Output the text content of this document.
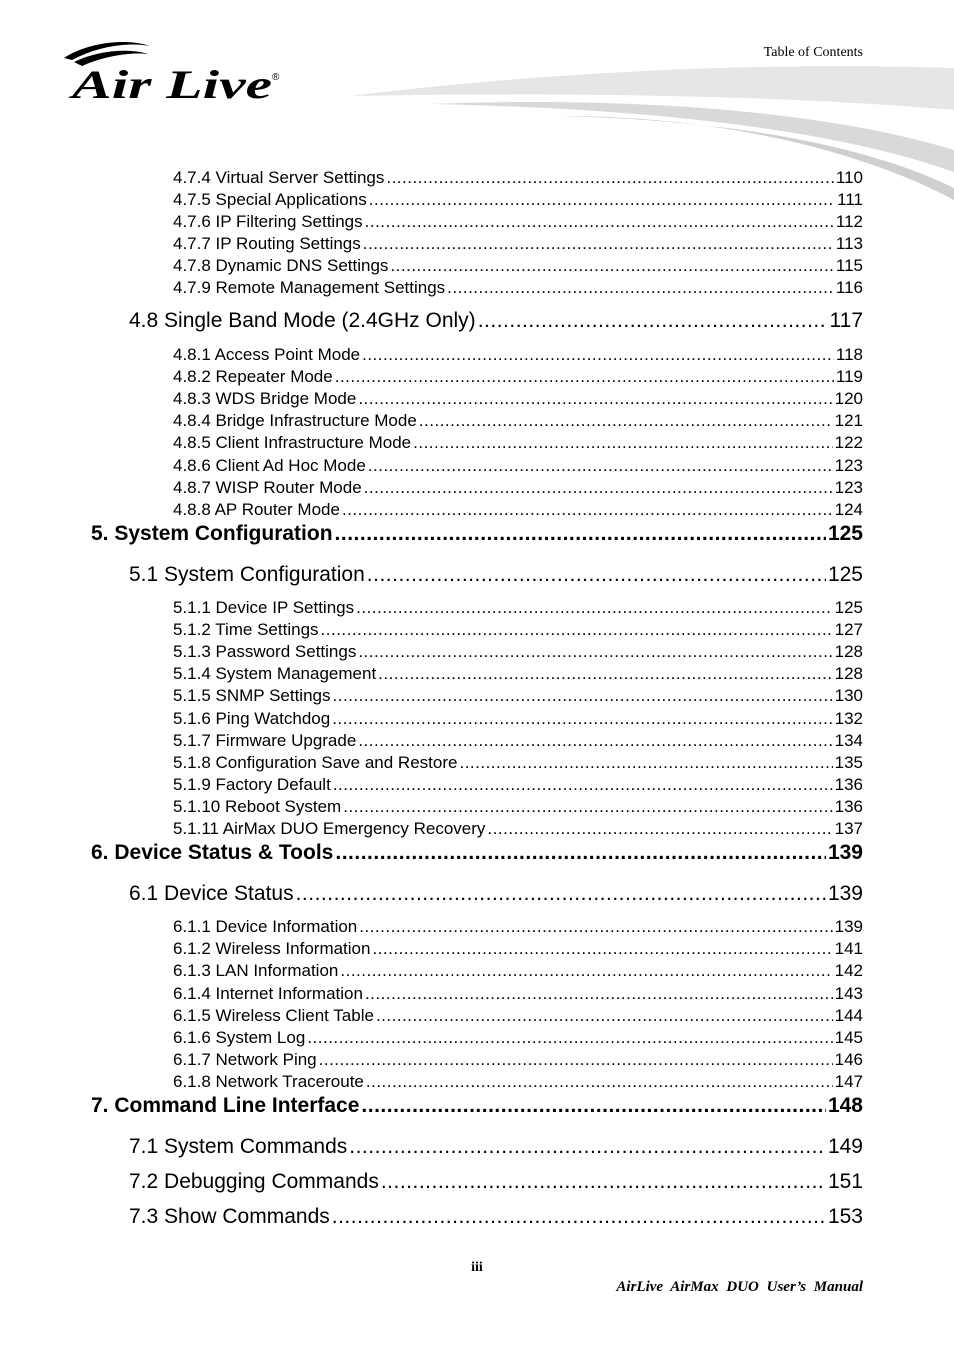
Air Live ®
Table of Contents
4.7.4 Virtual Server Settings .....	110
4.7.5 Special Applications .....	111
4.7.6 IP Filtering Settings .....	112
4.7.7 IP Routing Settings .....	113
4.7.8 Dynamic DNS Settings .....	115
4.7.9 Remote Management Settings .....	116
4.8 Single Band Mode (2.4GHz Only) .....	117
4.8.1 Access Point Mode .....	118
4.8.2 Repeater Mode .....	119
4.8.3 WDS Bridge Mode .....	120
4.8.4 Bridge Infrastructure Mode .....	121
4.8.5 Client Infrastructure Mode .....	122
4.8.6 Client Ad Hoc Mode .....	123
4.8.7 WISP Router Mode .....	123
4.8.8 AP Router Mode .....	124
5. System Configuration .....	125
5.1 System Configuration .....	125
5.1.1 Device IP Settings .....	125
5.1.2 Time Settings .....	127
5.1.3 Password Settings .....	128
5.1.4 System Management .....	128
5.1.5 SNMP Settings .....	130
5.1.6 Ping Watchdog .....	132
5.1.7 Firmware Upgrade .....	134
5.1.8 Configuration Save and Restore .....	135
5.1.9 Factory Default .....	136
5.1.10 Reboot System .....	136
5.1.11 AirMax DUO Emergency Recovery .....	137
6. Device Status & Tools .....	139
6.1 Device Status .....	139
6.1.1 Device Information .....	139
6.1.2 Wireless Information .....	141
6.1.3 LAN Information .....	142
6.1.4 Internet Information .....	143
6.1.5 Wireless Client Table .....	144
6.1.6 System Log .....	145
6.1.7 Network Ping .....	146
6.1.8 Network Traceroute .....	147
7. Command Line Interface .....	148
7.1 System Commands .....	149
7.2 Debugging Commands .....	151
7.3 Show Commands .....	153
iii
AirLive AirMax DUO User’s Manual
